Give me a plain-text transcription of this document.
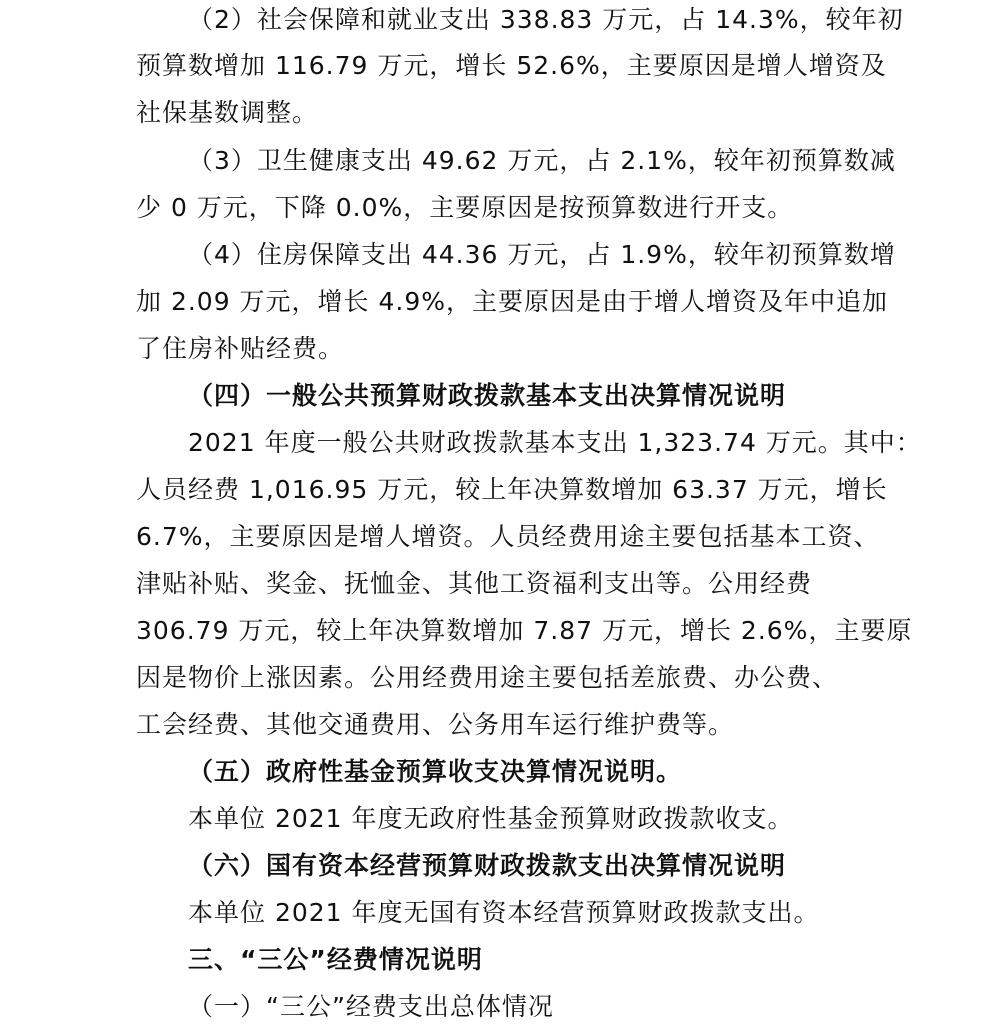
（2）社会保障和就业支出 338.83 万元，占 14.3%，较年初
预算数增加 116.79 万元，增长 52.6%，主要原因是增人增资及
社保基数调整。
（3）卫生健康支出 49.62 万元，占 2.1%，较年初预算数减
少 0 万元，下降 0.0%，主要原因是按预算数进行开支。
（4）住房保障支出 44.36 万元，占 1.9%，较年初预算数增
加 2.09 万元，增长 4.9%，主要原因是由于增人增资及年中追加
了住房补贴经费。
（四）一般公共预算财政拨款基本支出决算情况说明
2021 年度一般公共财政拨款基本支出 1,323.74 万元。其中：
人员经费 1,016.95 万元，较上年决算数增加 63.37 万元，增长
6.7%，主要原因是增人增资。人员经费用途主要包括基本工资、
津贴补贴、奖金、抚恤金、其他工资福利支出等。公用经费
306.79 万元，较上年决算数增加 7.87 万元，增长 2.6%，主要原
因是物价上涨因素。公用经费用途主要包括差旅费、办公费、
工会经费、其他交通费用、公务用车运行维护费等。
（五）政府性基金预算收支决算情况说明。
本单位 2021 年度无政府性基金预算财政拨款收支。
（六）国有资本经营预算财政拨款支出决算情况说明
本单位 2021 年度无国有资本经营预算财政拨款支出。
三、“三公”经费情况说明
（一）“三公”经费支出总体情况
